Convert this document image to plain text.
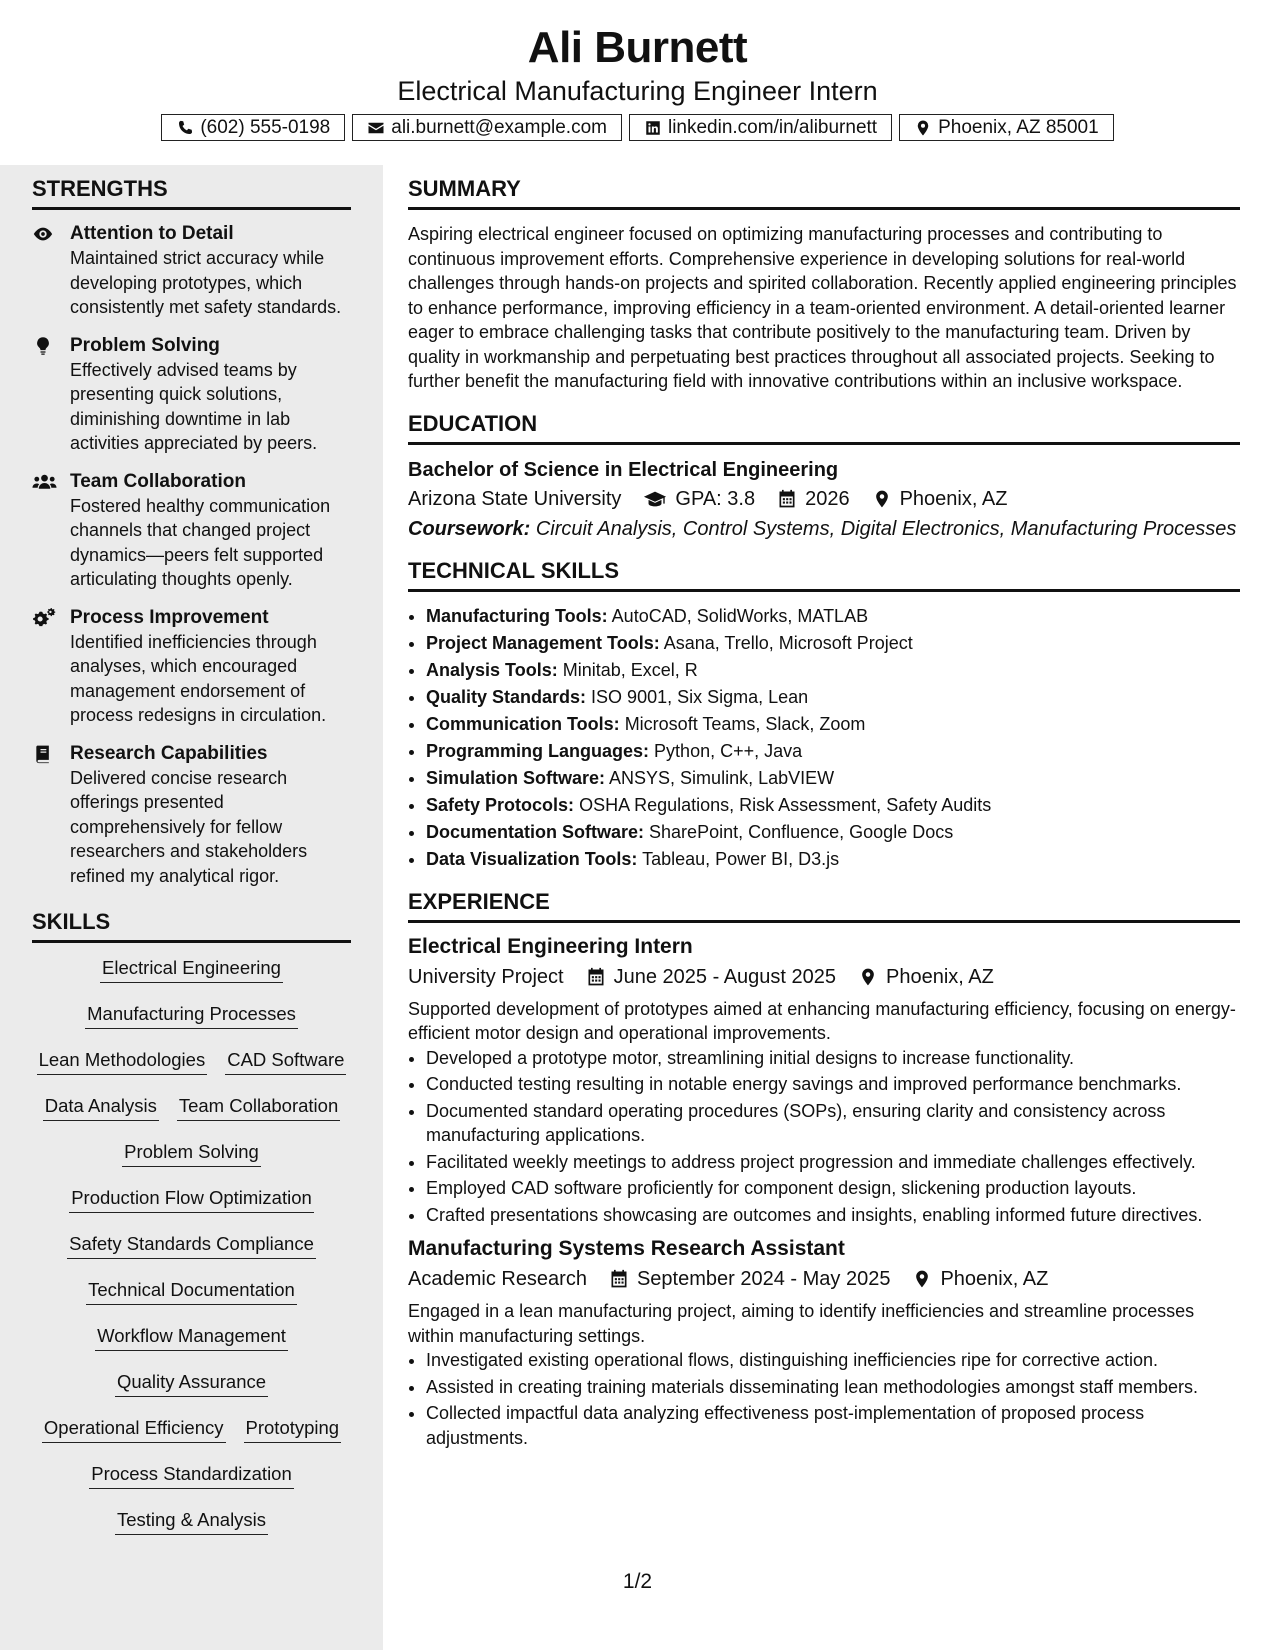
Ali Burnett
Electrical Manufacturing Engineer Intern
(602) 555-0198	ali.burnett@example.com	linkedin.com/in/aliburnett	Phoenix, AZ 85001
STRENGTHS
Attention to Detail
Maintained strict accuracy while developing prototypes, which consistently met safety standards.
Problem Solving
Effectively advised teams by presenting quick solutions, diminishing downtime in lab activities appreciated by peers.
Team Collaboration
Fostered healthy communication channels that changed project dynamics—peers felt supported articulating thoughts openly.
Process Improvement
Identified inefficiencies through analyses, which encouraged management endorsement of process redesigns in circulation.
Research Capabilities
Delivered concise research offerings presented comprehensively for fellow researchers and stakeholders refined my analytical rigor.
SKILLS
Electrical Engineering
Manufacturing Processes
Lean Methodologies CAD Software
Data Analysis Team Collaboration
Problem Solving
Production Flow Optimization
Safety Standards Compliance
Technical Documentation
Workflow Management
Quality Assurance
Operational Efficiency Prototyping
Process Standardization
Testing & Analysis
SUMMARY

Aspiring electrical engineer focused on optimizing manufacturing processes and contributing to continuous improvement efforts. Comprehensive experience in developing solutions for real-world challenges through hands-on projects and spirited collaboration. Recently applied engineering principles to enhance performance, improving efficiency in a team-oriented environment. A detail-oriented learner eager to embrace challenging tasks that contribute positively to the manufacturing team. Driven by quality in workmanship and perpetuating best practices throughout all associated projects. Seeking to further benefit the manufacturing field with innovative contributions within an inclusive workspace.

EDUCATION
Bachelor of Science in Electrical Engineering
Arizona State University	GPA: 3.8	2026	Phoenix, AZ
Coursework: Circuit Analysis, Control Systems, Digital Electronics, Manufacturing Processes
TECHNICAL SKILLS
• Manufacturing Tools: AutoCAD, SolidWorks, MATLAB
• Project Management Tools: Asana, Trello, Microsoft Project
• Analysis Tools: Minitab, Excel, R
• Quality Standards: ISO 9001, Six Sigma, Lean
• Communication Tools: Microsoft Teams, Slack, Zoom
• Programming Languages: Python, C++, Java
• Simulation Software: ANSYS, Simulink, LabVIEW
• Safety Protocols: OSHA Regulations, Risk Assessment, Safety Audits
• Documentation Software: SharePoint, Confluence, Google Docs
• Data Visualization Tools: Tableau, Power BI, D3.js
EXPERIENCE
Electrical Engineering Intern
University Project	June 2025 - August 2025	Phoenix, AZ

Supported development of prototypes aimed at enhancing manufacturing efficiency, focusing on energy-efficient motor design and operational improvements.

• Developed a prototype motor, streamlining initial designs to increase functionality.
• Conducted testing resulting in notable energy savings and improved performance benchmarks.
• Documented standard operating procedures (SOPs), ensuring clarity and consistency across manufacturing applications.
• Facilitated weekly meetings to address project progression and immediate challenges effectively.
• Employed CAD software proficiently for component design, slickening production layouts.
• Crafted presentations showcasing are outcomes and insights, enabling informed future directives.
Manufacturing Systems Research Assistant
Academic Research	September 2024 - May 2025	Phoenix, AZ

Engaged in a lean manufacturing project, aiming to identify inefficiencies and streamline processes within manufacturing settings.

• Investigated existing operational flows, distinguishing inefficiencies ripe for corrective action.
• Assisted in creating training materials disseminating lean methodologies amongst staff members.
• Collected impactful data analyzing effectiveness post-implementation of proposed process adjustments.
1/2
